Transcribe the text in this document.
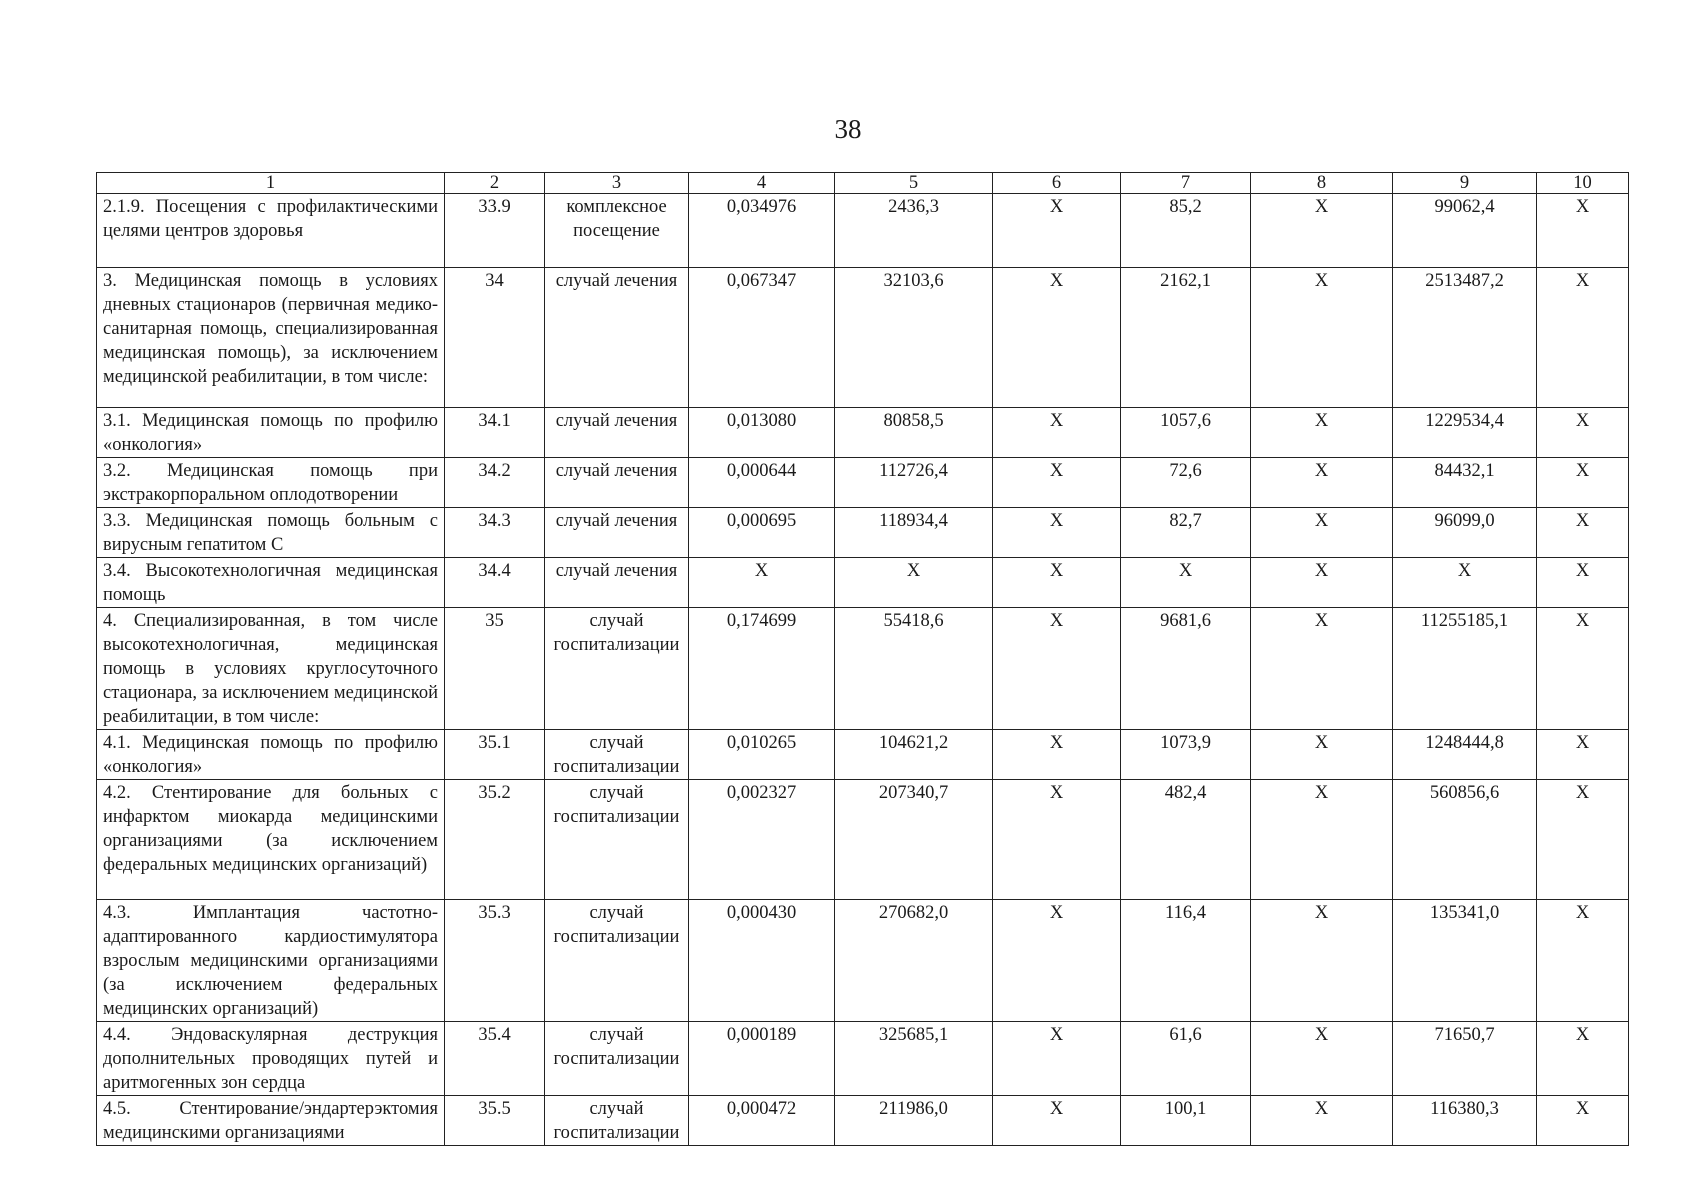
38
1	2	3	4	5	6	7	8	9	10
2.1.9. Посещения с профилактическими целями центров здоровья	33.9	комплексное посещение	0,034976	2436,3	X	85,2	X	99062,4	X
3. Медицинская помощь в условиях дневных стационаров (первичная медико-санитарная помощь, специализированная медицинская помощь), за исключением медицинской реабилитации, в том числе:	34	случай лечения	0,067347	32103,6	X	2162,1	X	2513487,2	X
3.1. Медицинская помощь по профилю «онкология»	34.1	случай лечения	0,013080	80858,5	X	1057,6	X	1229534,4	X
3.2. Медицинская помощь при экстракорпоральном оплодотворении	34.2	случай лечения	0,000644	112726,4	X	72,6	X	84432,1	X
3.3. Медицинская помощь больным с вирусным гепатитом С	34.3	случай лечения	0,000695	118934,4	X	82,7	X	96099,0	X
3.4. Высокотехнологичная медицинская помощь	34.4	случай лечения	X	X	X	X	X	X	X
4. Специализированная, в том числе высокотехнологичная, медицинская помощь в условиях круглосуточного стационара, за исключением медицинской реабилитации, в том числе:	35	случай госпитализации	0,174699	55418,6	X	9681,6	X	11255185,1	X
4.1. Медицинская помощь по профилю «онкология»	35.1	случай госпитализации	0,010265	104621,2	X	1073,9	X	1248444,8	X
4.2. Стентирование для больных с инфарктом миокарда медицинскими организациями (за исключением федеральных медицинских организаций)	35.2	случай госпитализации	0,002327	207340,7	X	482,4	X	560856,6	X
4.3. Имплантация частотно-адаптированного кардиостимулятора взрослым медицинскими организациями (за исключением федеральных медицинских организаций)	35.3	случай госпитализации	0,000430	270682,0	X	116,4	X	135341,0	X
4.4. Эндоваскулярная деструкция дополнительных проводящих путей и аритмогенных зон сердца	35.4	случай госпитализации	0,000189	325685,1	X	61,6	X	71650,7	X
4.5. Стентирование/эндартерэктомия медицинскими организациями	35.5	случай госпитализации	0,000472	211986,0	X	100,1	X	116380,3	X
